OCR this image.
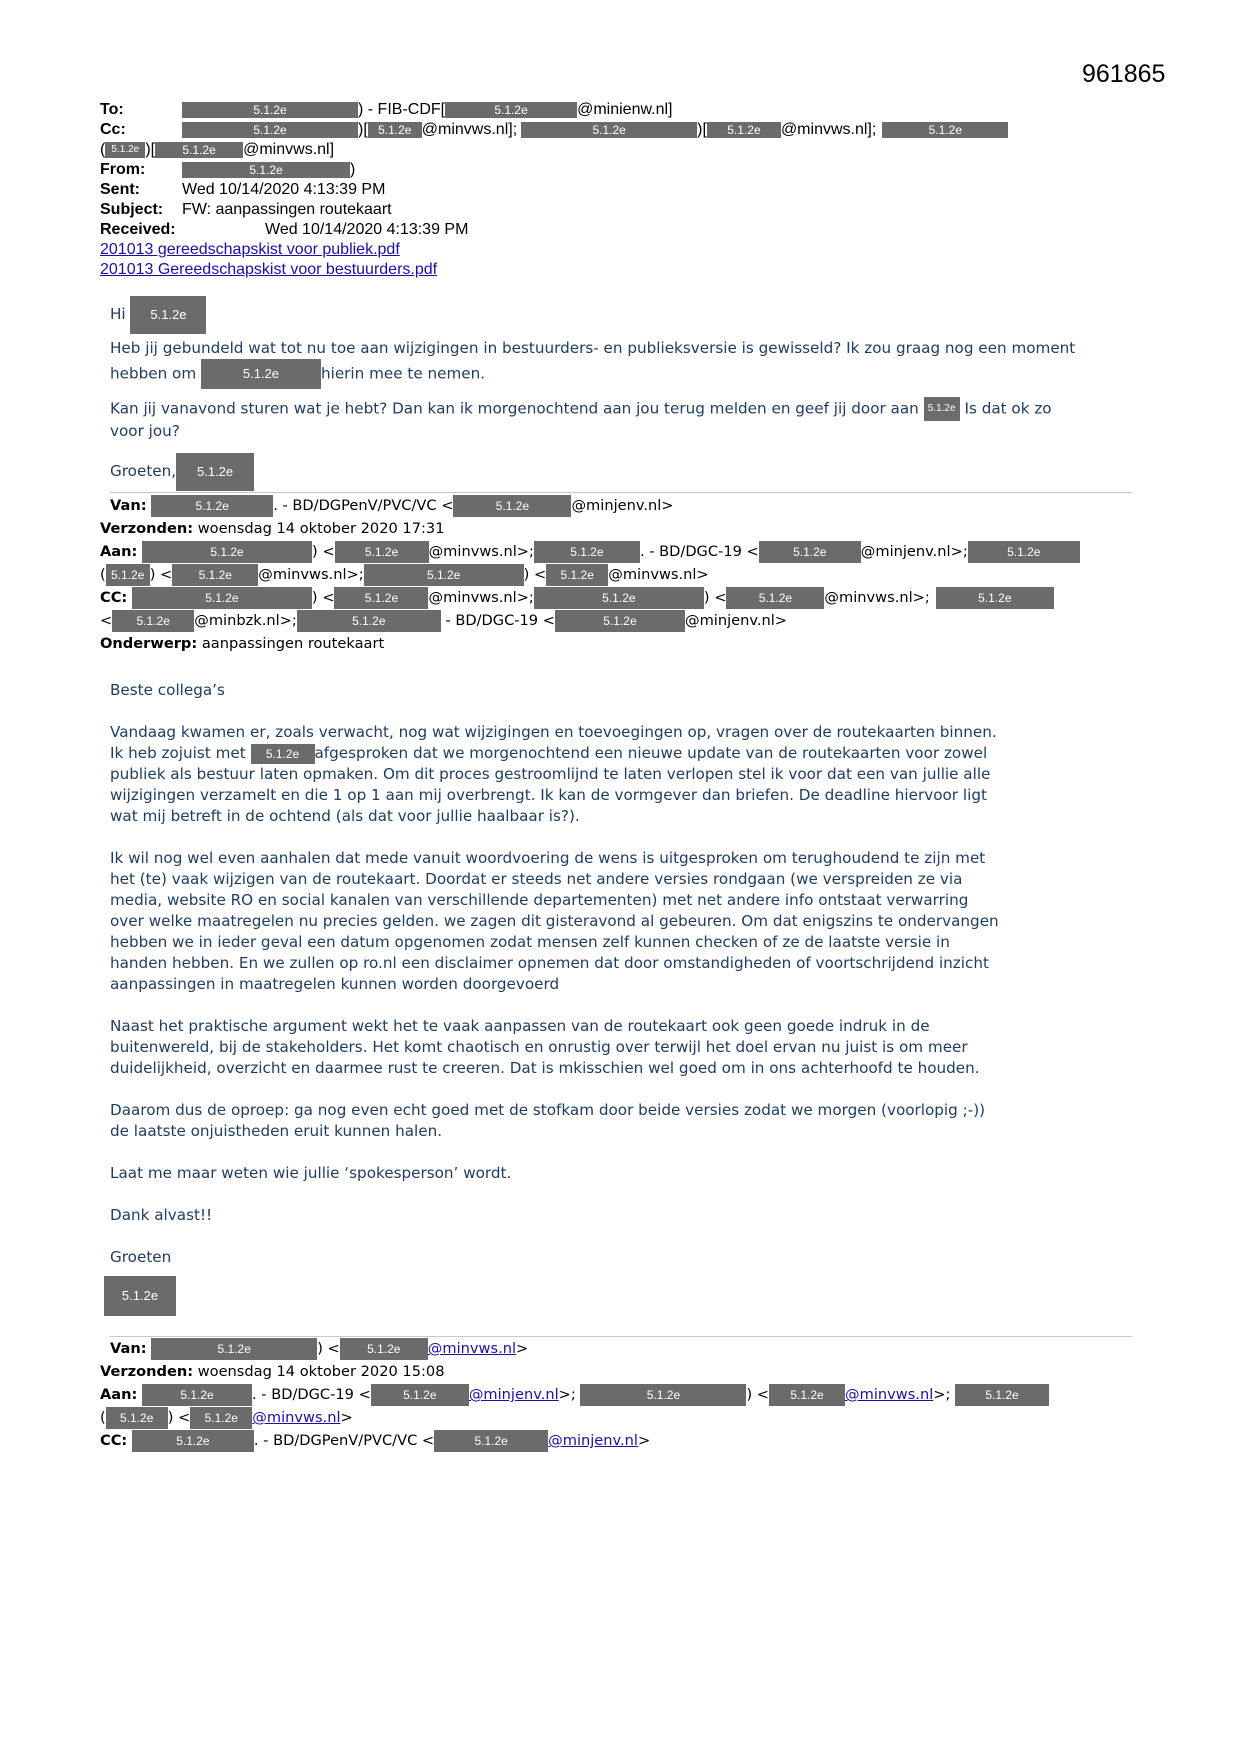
961865
To:	5.1.2e	) - FIB-CDF[	5.1.2e	@minienw.nl]
Cc:	5.1.2e	)[ 5.1.2e @minvws.nl];	5.1.2e	)[ 5.1.2e @minvws.nl];	5.1.2e
( 5.1.2e )[ 5.1.2e @minvws.nl]
From:	5.1.2e	)
Sent:	Wed 10/14/2020 4:13:39 PM
Subject: FW: aanpassingen routekaart
Received:	Wed 10/14/2020 4:13:39 PM
201013 gereedschapskist voor publiek.pdf
201013 Gereedschapskist voor bestuurders.pdf

Hi 5.1.2e

Heb jij gebundeld wat tot nu toe aan wijzigingen in bestuurders- en publieksversie is gewisseld? Ik zou graag nog een moment
hebben om	5.1.2e	hierin mee te nemen.

Kan jij vanavond sturen wat je hebt? Dan kan ik morgenochtend aan jou terug melden en geef jij door aan 5.1.2e Is dat ok zo
voor jou?

Groeten, 5.1.2e

Van:	5.1.2e	. - BD/DGPenV/PVC/VC <	5.1.2e	@minjenv.nl>
Verzonden: woensdag 14 oktober 2020 17:31
Aan:	5.1.2e	) <	5.1.2e @minvws.nl>;	5.1.2e . - BD/DGC-19 <	5.1.2e @minjenv.nl>;	5.1.2e
( 5.1.2e ) < 5.1.2e @minvws.nl>;	5.1.2e	) < 5.1.2e @minvws.nl>
CC:	5.1.2e	) <	5.1.2e @minvws.nl>;	5.1.2e	) <	5.1.2e @minvws.nl>;	5.1.2e
< 5.1.2e @minbzk.nl>;	5.1.2e	- BD/DGC-19 <	5.1.2e	@minjenv.nl>
Onderwerp: aanpassingen routekaart

Beste collega’s

Vandaag kwamen er, zoals verwacht, nog wat wijzigingen en toevoegingen op, vragen over de routekaarten binnen.
Ik heb zojuist met 5.1.2e afgesproken dat we morgenochtend een nieuwe update van de routekaarten voor zowel
publiek als bestuur laten opmaken. Om dit proces gestroomlijnd te laten verlopen stel ik voor dat een van jullie alle
wijzigingen verzamelt en die 1 op 1 aan mij overbrengt. Ik kan de vormgever dan briefen. De deadline hiervoor ligt
wat mij betreft in de ochtend (als dat voor jullie haalbaar is?).

Ik wil nog wel even aanhalen dat mede vanuit woordvoering de wens is uitgesproken om terughoudend te zijn met
het (te) vaak wijzigen van de routekaart. Doordat er steeds net andere versies rondgaan (we verspreiden ze via
media, website RO en social kanalen van verschillende departementen) met net andere info ontstaat verwarring
over welke maatregelen nu precies gelden. we zagen dit gisteravond al gebeuren. Om dat enigszins te ondervangen
hebben we in ieder geval een datum opgenomen zodat mensen zelf kunnen checken of ze de laatste versie in
handen hebben. En we zullen op ro.nl een disclaimer opnemen dat door omstandigheden of voortschrijdend inzicht
aanpassingen in maatregelen kunnen worden doorgevoerd

Naast het praktische argument wekt het te vaak aanpassen van de routekaart ook geen goede indruk in de
buitenwereld, bij de stakeholders. Het komt chaotisch en onrustig over terwijl het doel ervan nu juist is om meer
duidelijkheid, overzicht en daarmee rust te creeren. Dat is mkisschien wel goed om in ons achterhoofd te houden.

Daarom dus de oproep: ga nog even echt goed met de stofkam door beide versies zodat we morgen (voorlopig ;-))
de laatste onjuistheden eruit kunnen halen.

Laat me maar weten wie jullie ‘spokesperson’ wordt.

Dank alvast!!

Groeten

5.1.2e

Van:	5.1.2e	) < 5.1.2e @minvws.nl>
Verzonden: woensdag 14 oktober 2020 15:08
Aan:	5.1.2e	. - BD/DGC-19 <	5.1.2e @minjenv.nl>;	5.1.2e	) < 5.1.2e @minvws.nl>;	5.1.2e
( 5.1.2e ) < 5.1.2e @minvws.nl>
CC:	5.1.2e	. - BD/DGPenV/PVC/VC <	5.1.2e	@minjenv.nl>
